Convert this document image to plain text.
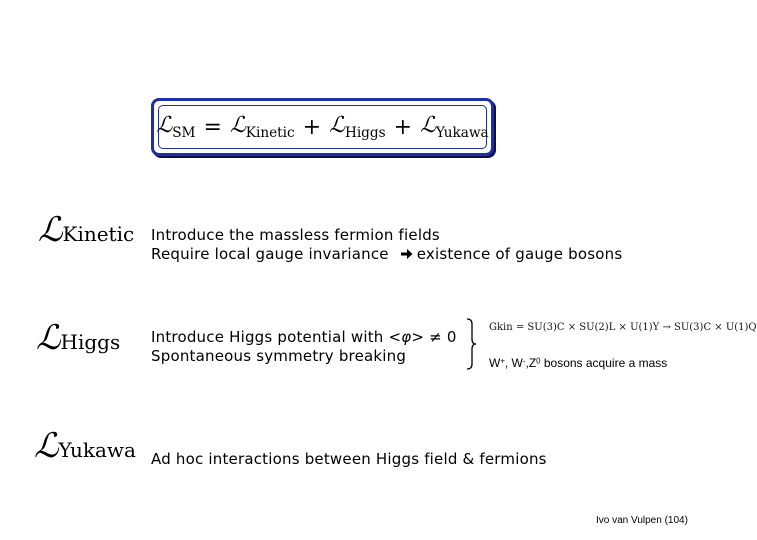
ℒ$_{SM}$ = ℒ$_{Kinetic}$ + ℒ$_{Higgs}$ + ℒ$_{Yukawa}$
ℒKinetic Introduce the massless fermion fields
Require local gauge invariance existence of gauge bosons
ℒHiggs Introduce Higgs potential with <φ> ≠ 0
Spontaneous symmetry breaking
Gkin = SU(3)C × SU(2)L × U(1)Y → SU(3)C × U(1)Q
W+, $W^-,Z^0$ bosons acquire a mass
ℒYukawa Ad hoc interactions between Higgs field & fermions
Ivo van Vulpen (104)
